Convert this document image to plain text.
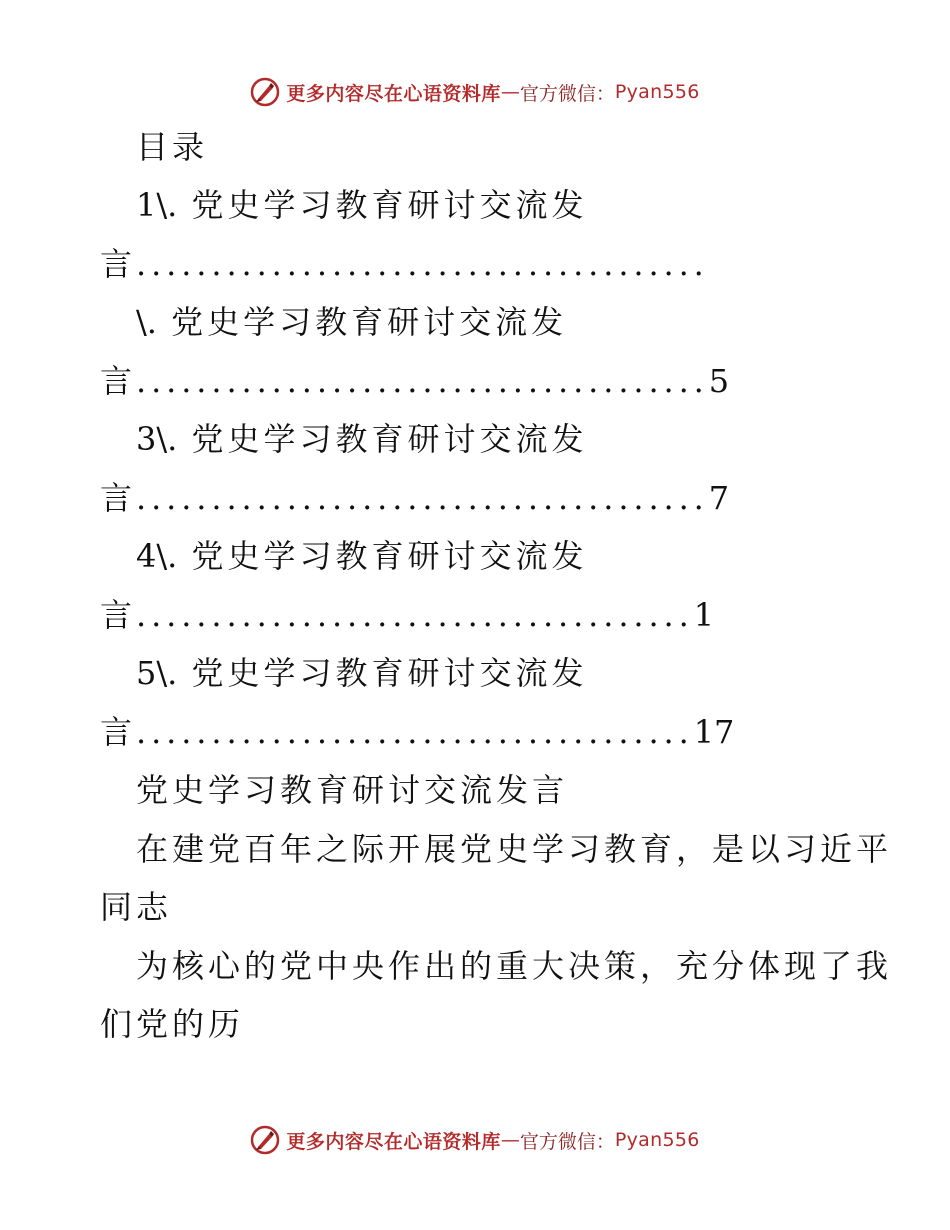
更多内容尽在心语资料库 — 官方微信： Pyan556
目录
1\. 党史学习教育研讨交流发
言......................................
\. 党史学习教育研讨交流发
言......................................5
3\. 党史学习教育研讨交流发
言......................................7
4\. 党史学习教育研讨交流发
言.....................................1
5\. 党史学习教育研讨交流发
言.....................................17
党史学习教育研讨交流发言
在建党百年之际开展党史学习教育，是以习近平
同志
为核心的党中央作出的重大决策，充分体现了我
们党的历
更多内容尽在心语资料库 — 官方微信： Pyan556
